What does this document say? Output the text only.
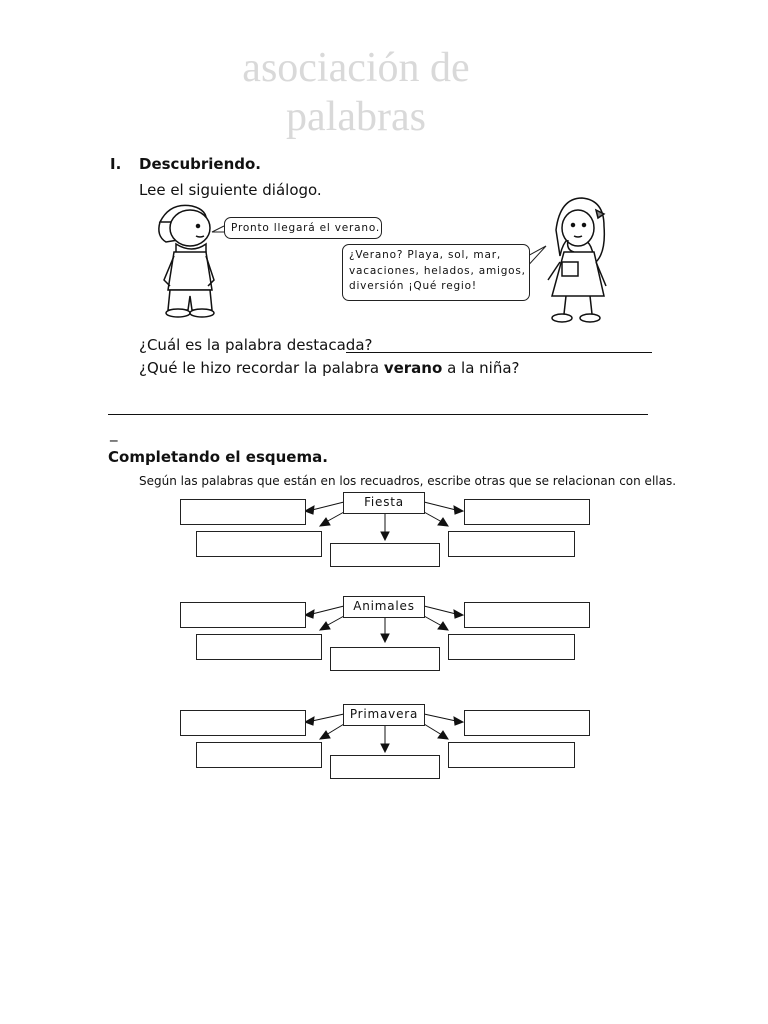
asociación de
palabras
I. Descubriendo.
Lee el siguiente diálogo.
Pronto llegará el verano.
¿Verano? Playa, sol, mar,
vacaciones, helados, amigos,
diversión ¡Qué regio!
¿Cuál es la palabra destacada?
¿Qué le hizo recordar la palabra verano a la niña?
_
Completando el esquema.
Según las palabras que están en los recuadros, escribe otras que se relacionan con ellas.
Fiesta
Animales
Primavera
